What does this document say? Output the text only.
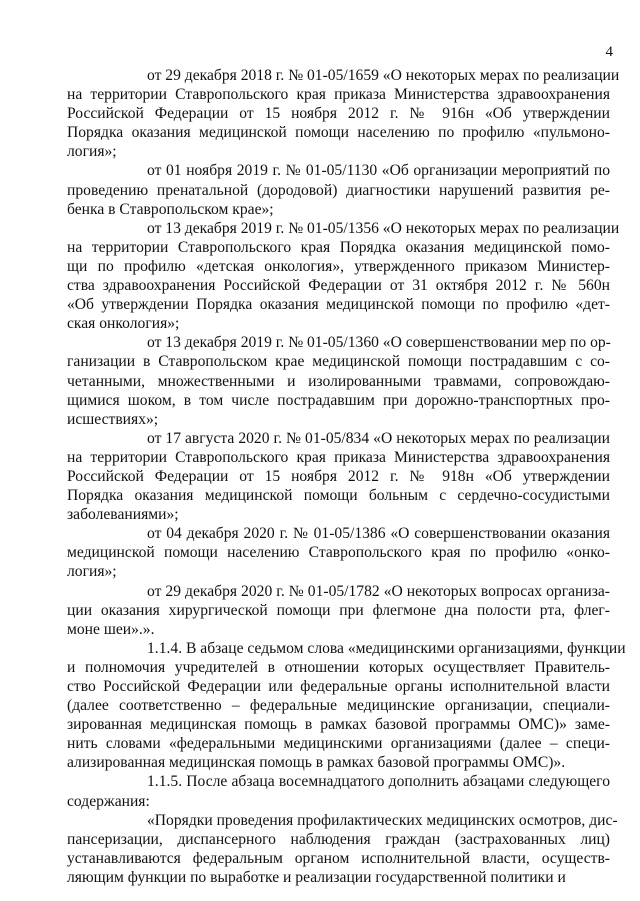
4
от 29 декабря 2018 г. № 01-05/1659 «О некоторых мерах по реализации
на территории Ставропольского края приказа Министерства здравоохранения
Российской Федерации от 15 ноября 2012 г. № 916н «Об утверждении
Порядка оказания медицинской помощи населению по профилю «пульмоно-
логия»;
от 01 ноября 2019 г. № 01-05/1130 «Об организации мероприятий по
проведению пренатальной (дородовой) диагностики нарушений развития ре-
бенка в Ставропольском крае»;
от 13 декабря 2019 г. № 01-05/1356 «О некоторых мерах по реализации
на территории Ставропольского края Порядка оказания медицинской помо-
щи по профилю «детская онкология», утвержденного приказом Министер-
ства здравоохранения Российской Федерации от 31 октября 2012 г. № 560н
«Об утверждении Порядка оказания медицинской помощи по профилю «дет-
ская онкология»;
от 13 декабря 2019 г. № 01-05/1360 «О совершенствовании мер по ор-
ганизации в Ставропольском крае медицинской помощи пострадавшим с со-
четанными, множественными и изолированными травмами, сопровождаю-
щимися шоком, в том числе пострадавшим при дорожно-транспортных про-
исшествиях»;
от 17 августа 2020 г. № 01-05/834 «О некоторых мерах по реализации
на территории Ставропольского края приказа Министерства здравоохранения
Российской Федерации от 15 ноября 2012 г. № 918н «Об утверждении
Порядка оказания медицинской помощи больным с сердечно-сосудистыми
заболеваниями»;
от 04 декабря 2020 г. № 01-05/1386 «О совершенствовании оказания
медицинской помощи населению Ставропольского края по профилю «онко-
логия»;
от 29 декабря 2020 г. № 01-05/1782 «О некоторых вопросах организа-
ции оказания хирургической помощи при флегмоне дна полости рта, флег-
моне шеи».».
1.1.4. В абзаце седьмом слова «медицинскими организациями, функции
и полномочия учредителей в отношении которых осуществляет Правитель-
ство Российской Федерации или федеральные органы исполнительной власти
(далее соответственно – федеральные медицинские организации, специали-
зированная медицинская помощь в рамках базовой программы ОМС)» заме-
нить словами «федеральными медицинскими организациями (далее – специ-
ализированная медицинская помощь в рамках базовой программы ОМС)».
1.1.5. После абзаца восемнадцатого дополнить абзацами следующего
содержания:
«Порядки проведения профилактических медицинских осмотров, дис-
пансеризации, диспансерного наблюдения граждан (застрахованных лиц)
устанавливаются федеральным органом исполнительной власти, осуществ-
ляющим функции по выработке и реализации государственной политики и
